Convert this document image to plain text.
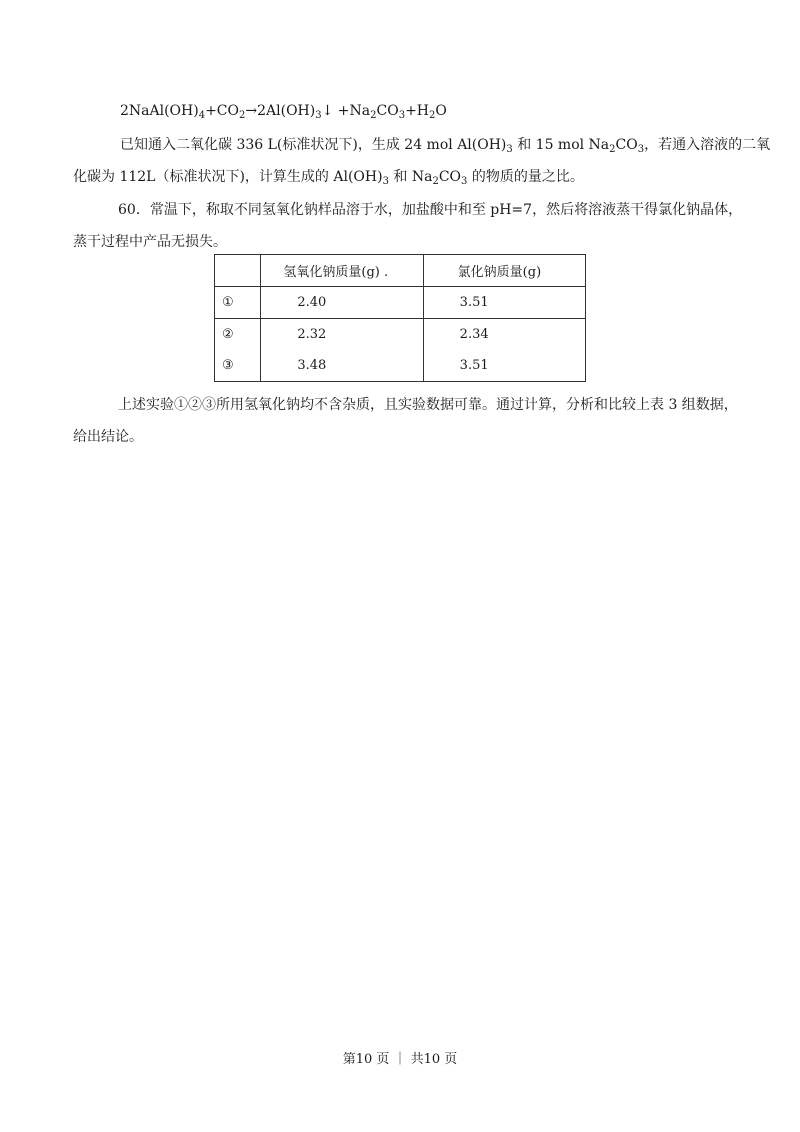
$2NaAl(OH)_4+CO_2\to 2Al(OH)_3↓ +Na_2CO_3+H_2O$
已知通入二氧化碳 336 L(标准状况下)，生成 24 mol $Al(OH)_3$ 和 15 mol $Na_2CO_3$，若通入溶液的二氧
化碳为 112L（标准状况下)，计算生成的 $Al(OH)_3$ 和 $Na_2CO_3$ 的物质的量之比。
60．常温下，称取不同氢氧化钠样品溶于水，加盐酸中和至 pH=7，然后将溶液蒸干得氯化钠晶体，
蒸干过程中产品无损失。
	氢氧化钠质量(g) .	氯化钠质量(g)
①	2.40	3.51
②	2.32	2.34
③	3.48	3.51
上述实验①②③所用氢氧化钠均不含杂质，且实验数据可靠。通过计算，分析和比较上表 3 组数据，
给出结论。
第10 页 ｜ 共10 页
